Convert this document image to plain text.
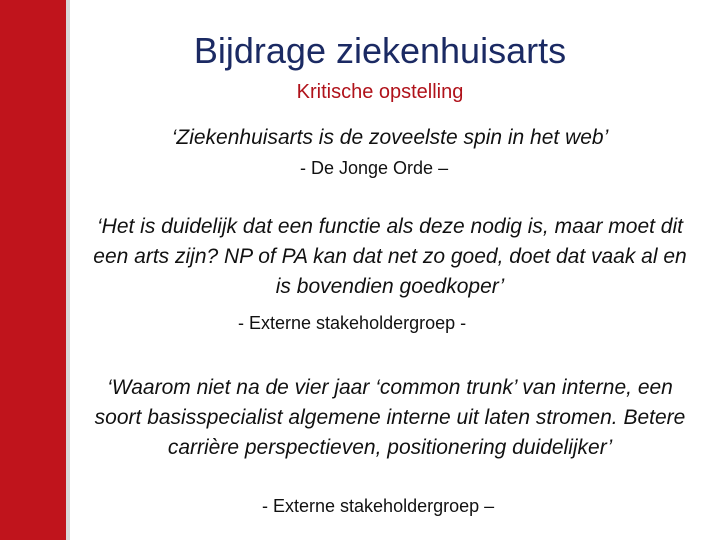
Bijdrage ziekenhuisarts
Kritische opstelling

‘Ziekenhuisarts is de zoveelste spin in het web’

- De Jonge Orde –

‘Het is duidelijk dat een functie als deze nodig is, maar moet dit een arts zijn? NP of PA kan dat net zo goed, doet dat vaak al en is bovendien goedkoper’

- Externe stakeholdergroep -

‘Waarom niet na de vier jaar ‘common trunk’ van interne, een soort basisspecialist algemene interne uit laten stromen. Betere carrière perspectieven, positionering duidelijker’

- Externe stakeholdergroep –
